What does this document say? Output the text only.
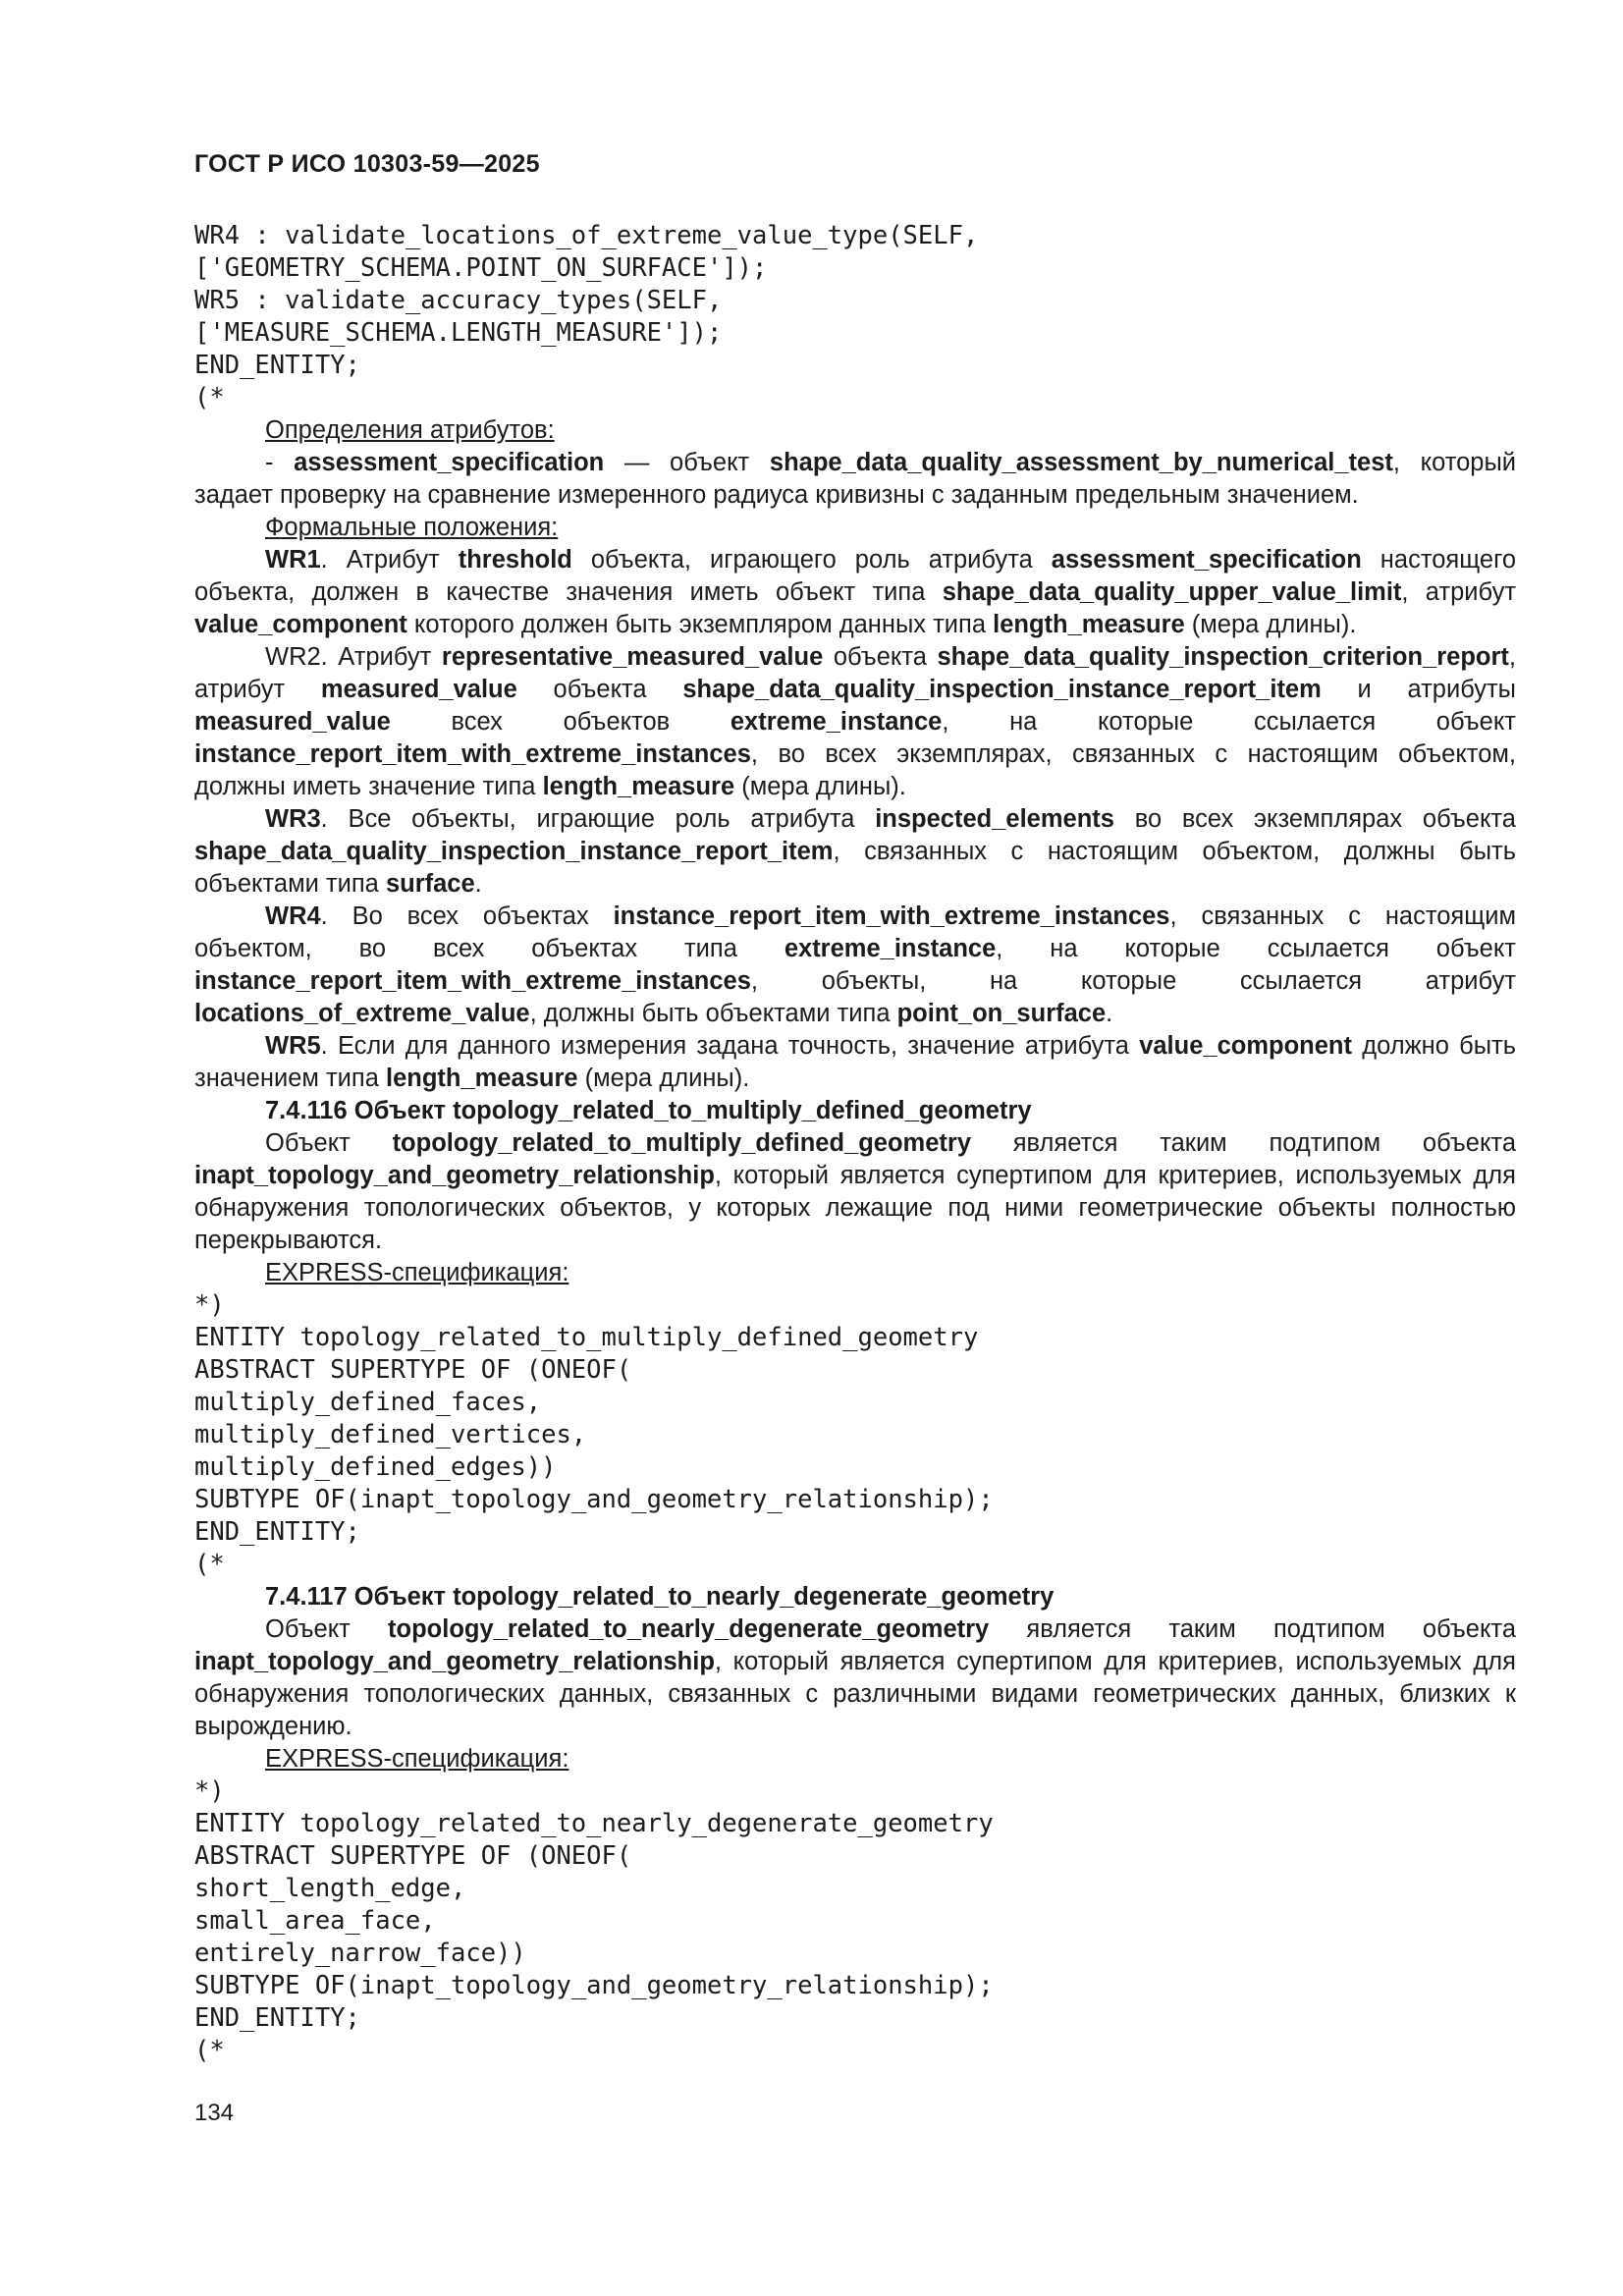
ГОСТ Р ИСО 10303-59—2025
WR4 : validate_locations_of_extreme_value_type(SELF,
['GEOMETRY_SCHEMA.POINT_ON_SURFACE']);
WR5 : validate_accuracy_types(SELF,
['MEASURE_SCHEMA.LENGTH_MEASURE']);
END_ENTITY;
(*

Определения атрибутов:

- assessment_specification — объект shape_data_quality_assessment_by_numerical_test, который задает проверку на сравнение измеренного радиуса кривизны с заданным предельным значением.

Формальные положения:

WR1. Атрибут threshold объекта, играющего роль атрибута assessment_specification настоящего объекта, должен в качестве значения иметь объект типа shape_data_quality_upper_value_limit, атрибут value_component которого должен быть экземпляром данных типа length_measure (мера длины).

WR2. Атрибут representative_measured_value объекта shape_data_quality_inspection_criterion_report, атрибут measured_value объекта shape_data_quality_inspection_instance_report_item и атрибуты measured_value всех объектов extreme_instance, на которые ссылается объект instance_report_item_with_extreme_instances, во всех экземплярах, связанных с настоящим объектом, должны иметь значение типа length_measure (мера длины).

WR3. Все объекты, играющие роль атрибута inspected_elements во всех экземплярах объекта shape_data_quality_inspection_instance_report_item, связанных с настоящим объектом, должны быть объектами типа surface.

WR4. Во всех объектах instance_report_item_with_extreme_instances, связанных с настоящим объектом, во всех объектах типа extreme_instance, на которые ссылается объект instance_report_item_with_extreme_instances, объекты, на которые ссылается атрибут locations_of_extreme_value, должны быть объектами типа point_on_surface.

WR5. Если для данного измерения задана точность, значение атрибута value_component должно быть значением типа length_measure (мера длины).

7.4.116 Объект topology_related_to_multiply_defined_geometry

Объект topology_related_to_multiply_defined_geometry является таким подтипом объекта inapt_topology_and_geometry_relationship, который является супертипом для критериев, используемых для обнаружения топологических объектов, у которых лежащие под ними геометрические объекты полностью перекрываются.

EXPRESS-спецификация:

*)
ENTITY topology_related_to_multiply_defined_geometry
ABSTRACT SUPERTYPE OF (ONEOF(
multiply_defined_faces,
multiply_defined_vertices,
multiply_defined_edges))
SUBTYPE OF(inapt_topology_and_geometry_relationship);
END_ENTITY;
(*

7.4.117 Объект topology_related_to_nearly_degenerate_geometry

Объект topology_related_to_nearly_degenerate_geometry является таким подтипом объекта inapt_topology_and_geometry_relationship, который является супертипом для критериев, используемых для обнаружения топологических данных, связанных с различными видами геометрических данных, близких к вырождению.

EXPRESS-спецификация:

*)
ENTITY topology_related_to_nearly_degenerate_geometry
ABSTRACT SUPERTYPE OF (ONEOF(
short_length_edge,
small_area_face,
entirely_narrow_face))
SUBTYPE OF(inapt_topology_and_geometry_relationship);
END_ENTITY;
(*
134
